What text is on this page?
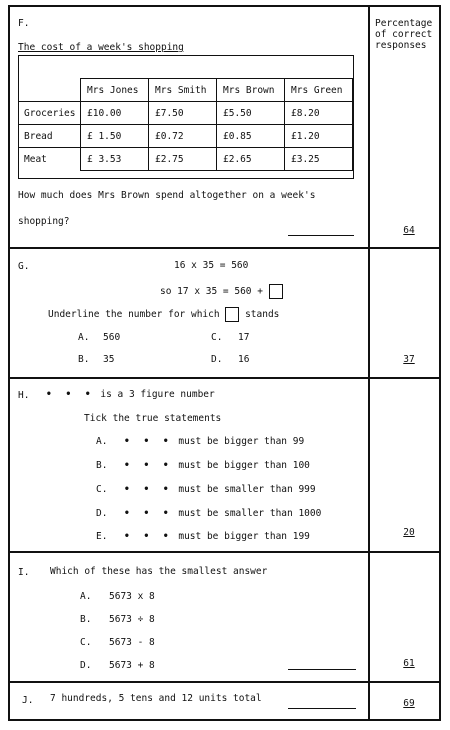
Percentage
of correct
responses
F.
The cost of a week's shopping
	Mrs Jones	Mrs Smith	Mrs Brown	Mrs Green
Groceries	£10.00	£7.50	£5.50	£8.20
Bread	£ 1.50	£0.72	£0.85	£1.20
Meat	£ 3.53	£2.75	£2.65	£3.25
How much does Mrs Brown spend altogether on a week's
shopping?
64
G.	16 x 35 = 560
so 17 x 35 = 560 +
Underline the number for which	stands
A. 560	C. 17
B. 35	D. 16	37
H. • • • is a 3 figure number
Tick the true statements
A. • • • must be bigger than 99
B. • • • must be bigger than 100
C. • • • must be smaller than 999
D. • • • must be smaller than 1000
E. • • • must be bigger than 199	20
I. Which of these has the smallest answer
A. 5673 x 8
B. 5673 ÷ 8
C. 5673 - 8
D. 5673 + 8	61
J. 7 hundreds, 5 tens and 12 units total	69
